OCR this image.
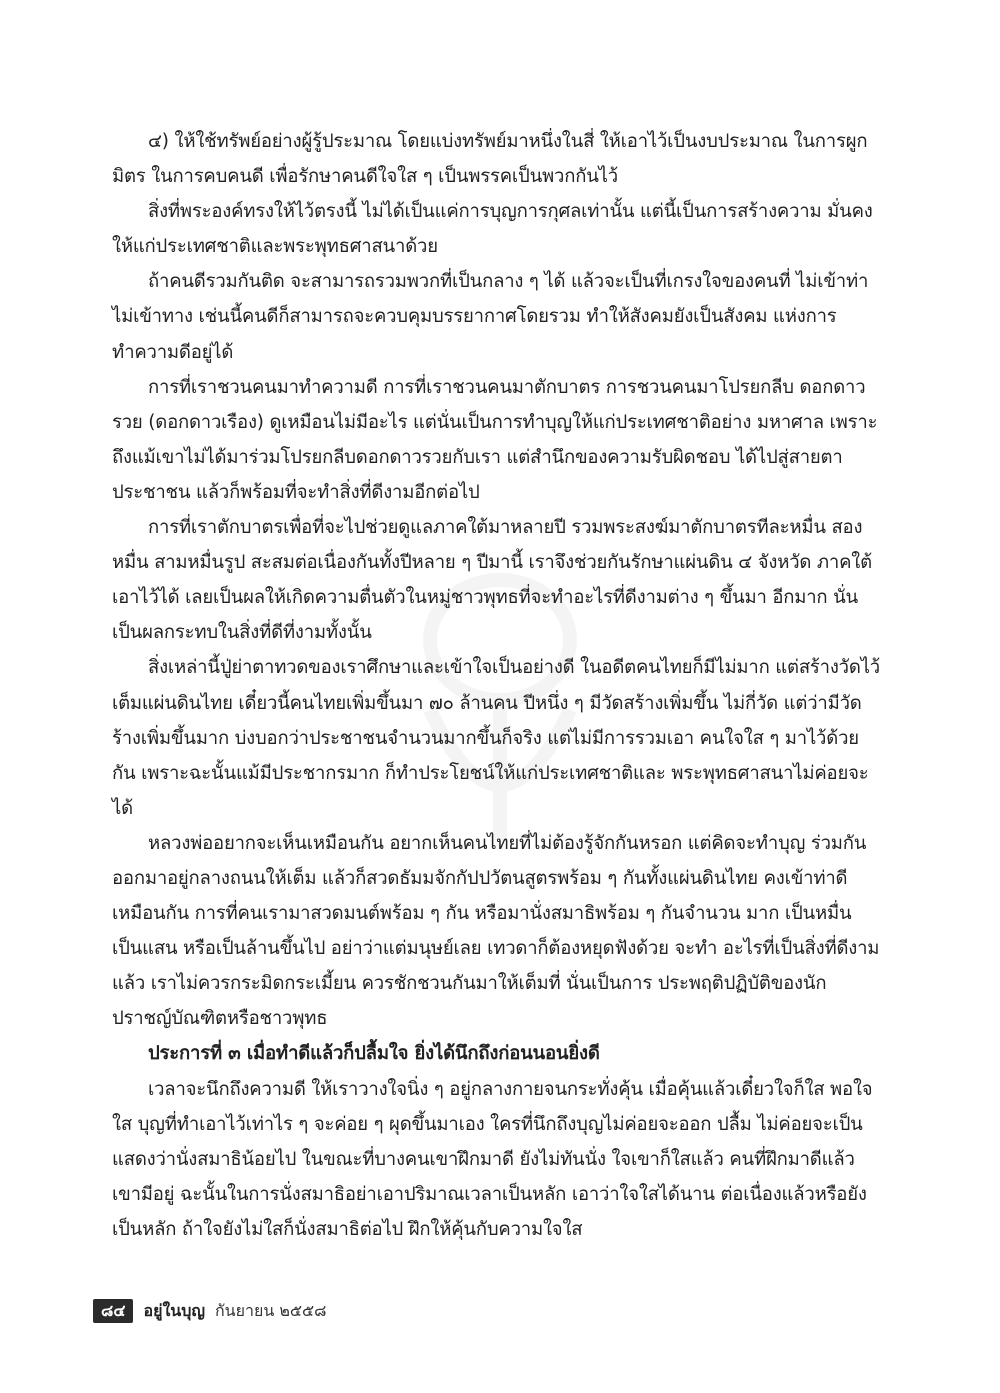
๔) ให้ใช้ทรัพย์อย่างผู้รู้ประมาณ โดยแบ่งทรัพย์มาหนึ่งในสี่ ให้เอาไว้เป็นงบประมาณ ในการผูกมิตร ในการคบคนดี เพื่อรักษาคนดีใจใส ๆ เป็นพรรคเป็นพวกกันไว้

สิ่งที่พระองค์ทรงให้ไว้ตรงนี้ ไม่ได้เป็นแค่การบุญการกุศลเท่านั้น แต่นี้เป็นการสร้างความ มั่นคงให้แก่ประเทศชาติและพระพุทธศาสนาด้วย

ถ้าคนดีรวมกันติด จะสามารถรวมพวกที่เป็นกลาง ๆ ได้ แล้วจะเป็นที่เกรงใจของคนที่ ไม่เข้าท่าไม่เข้าทาง เช่นนี้คนดีก็สามารถจะควบคุมบรรยากาศโดยรวม ทำให้สังคมยังเป็นสังคม แห่งการทำความดีอยู่ได้

การที่เราชวนคนมาทำความดี การที่เราชวนคนมาตักบาตร การชวนคนมาโปรยกลีบ ดอกดาวรวย (ดอกดาวเรือง) ดูเหมือนไม่มีอะไร แต่นั่นเป็นการทำบุญให้แก่ประเทศชาติอย่าง มหาศาล เพราะถึงแม้เขาไม่ได้มาร่วมโปรยกลีบดอกดาวรวยกับเรา แต่สำนึกของความรับผิดชอบ ได้ไปสู่สายตาประชาชน แล้วก็พร้อมที่จะทำสิ่งที่ดีงามอีกต่อไป

การที่เราตักบาตรเพื่อที่จะไปช่วยดูแลภาคใต้มาหลายปี รวมพระสงฆ์มาตักบาตรทีละหมื่น สองหมื่น สามหมื่นรูป สะสมต่อเนื่องกันทั้งปีหลาย ๆ ปีมานี้ เราจึงช่วยกันรักษาแผ่นดิน ๔ จังหวัด ภาคใต้เอาไว้ได้ เลยเป็นผลให้เกิดความตื่นตัวในหมู่ชาวพุทธที่จะทำอะไรที่ดีงามต่าง ๆ ขึ้นมา อีกมาก นั่นเป็นผลกระทบในสิ่งที่ดีที่งามทั้งนั้น

สิ่งเหล่านี้ปู่ย่าตาทวดของเราศึกษาและเข้าใจเป็นอย่างดี ในอดีตคนไทยก็มีไม่มาก แต่สร้างวัดไว้เต็มแผ่นดินไทย เดี๋ยวนี้คนไทยเพิ่มขึ้นมา ๗๐ ล้านคน ปีหนึ่ง ๆ มีวัดสร้างเพิ่มขึ้น ไม่กี่วัด แต่ว่ามีวัดร้างเพิ่มขึ้นมาก บ่งบอกว่าประชาชนจำนวนมากขึ้นก็จริง แต่ไม่มีการรวมเอา คนใจใส ๆ มาไว้ด้วยกัน เพราะฉะนั้นแม้มีประชากรมาก ก็ทำประโยชน์ให้แก่ประเทศชาติและ พระพุทธศาสนาไม่ค่อยจะได้

หลวงพ่ออยากจะเห็นเหมือนกัน อยากเห็นคนไทยที่ไม่ต้องรู้จักกันหรอก แต่คิดจะทำบุญ ร่วมกัน ออกมาอยู่กลางถนนให้เต็ม แล้วก็สวดธัมมจักกัปปวัตนสูตรพร้อม ๆ กันทั้งแผ่นดินไทย คงเข้าท่าดีเหมือนกัน การที่คนเรามาสวดมนต์พร้อม ๆ กัน หรือมานั่งสมาธิพร้อม ๆ กันจำนวน มาก เป็นหมื่น เป็นแสน หรือเป็นล้านขึ้นไป อย่าว่าแต่มนุษย์เลย เทวดาก็ต้องหยุดฟังด้วย จะทำ อะไรที่เป็นสิ่งที่ดีงามแล้ว เราไม่ควรกระมิดกระเมี้ยน ควรชักชวนกันมาให้เต็มที่ นั่นเป็นการ ประพฤติปฏิบัติของนักปราชญ์บัณฑิตหรือชาวพุทธ

ประการที่ ๓ เมื่อทำดีแล้วก็ปลื้มใจ ยิ่งได้นึกถึงก่อนนอนยิ่งดี

เวลาจะนึกถึงความดี ให้เราวางใจนิ่ง ๆ อยู่กลางกายจนกระทั่งคุ้น เมื่อคุ้นแล้วเดี๋ยวใจก็ใส พอใจใส บุญที่ทำเอาไว้เท่าไร ๆ จะค่อย ๆ ผุดขึ้นมาเอง ใครที่นึกถึงบุญไม่ค่อยจะออก ปลื้ม ไม่ค่อยจะเป็น แสดงว่านั่งสมาธิน้อยไป ในขณะที่บางคนเขาฝึกมาดี ยังไม่ทันนั่ง ใจเขาก็ใสแล้ว คนที่ฝึกมาดีแล้วเขามีอยู่ ฉะนั้นในการนั่งสมาธิอย่าเอาปริมาณเวลาเป็นหลัก เอาว่าใจใสได้นาน ต่อเนื่องแล้วหรือยังเป็นหลัก ถ้าใจยังไม่ใสก็นั่งสมาธิต่อไป ฝึกให้คุ้นกับความใจใส

๘๔	อยู่ในบุญ กันยายน ๒๕๕๘
